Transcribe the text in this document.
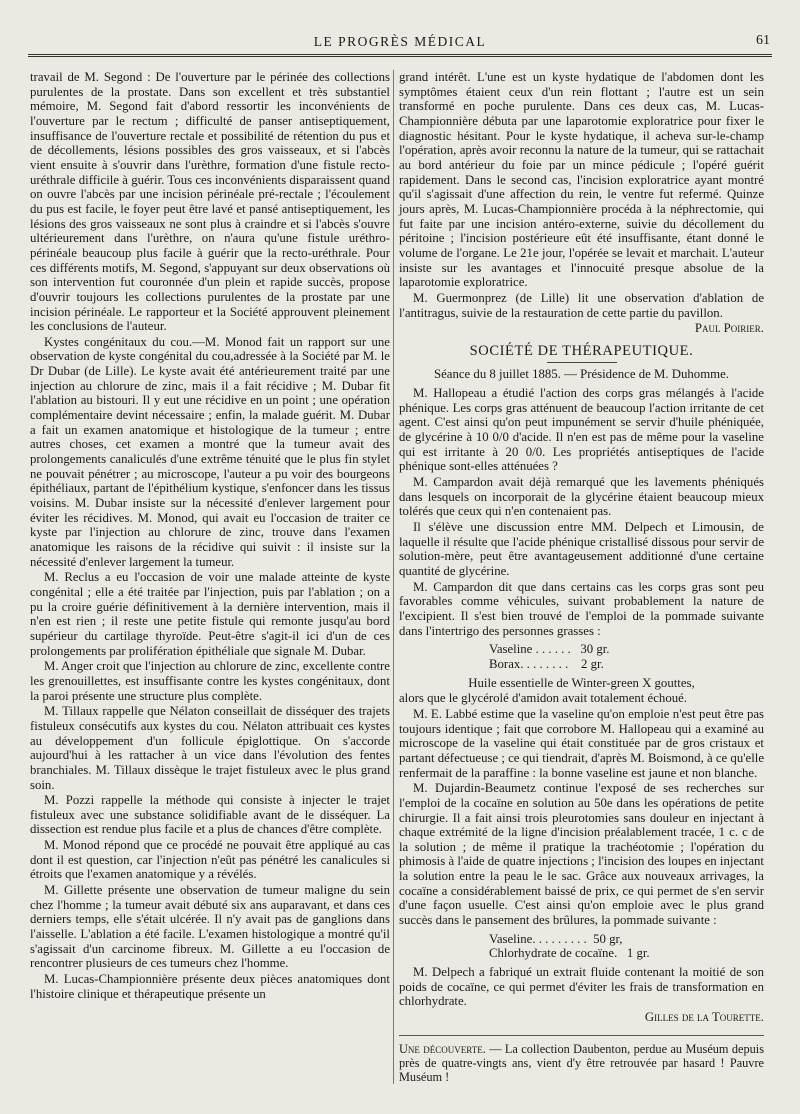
LE PROGRÈS MÉDICAL	61

travail de M. Segond : De l'ouverture par le périnée des collections purulentes de la prostate. Dans son excellent et très substantiel mémoire, M. Segond fait d'abord ressortir les inconvénients de l'ouverture par le rectum ; difficulté de panser antiseptiquement, insuffisance de l'ouverture rectale et possibilité de rétention du pus et de décollements, lésions possibles des gros vaisseaux, et si l'abcès vient ensuite à s'ouvrir dans l'urèthre, formation d'une fistule recto-uréthrale difficile à guérir. Tous ces inconvénients disparaissent quand on ouvre l'abcès par une incision périnéale pré-rectale ; l'écoulement du pus est facile, le foyer peut être lavé et pansé antiseptiquement, les lésions des gros vaisseaux ne sont plus à craindre et si l'abcès s'ouvre ultérieurement dans l'urèthre, on n'aura qu'une fistule uréthro-périnéale beaucoup plus facile à guérir que la recto-uréthrale. Pour ces différents motifs, M. Segond, s'appuyant sur deux observations où son intervention fut couronnée d'un plein et rapide succès, propose d'ouvrir toujours les collections purulentes de la prostate par une incision périnéale. Le rapporteur et la Société approuvent pleinement les conclusions de l'auteur.

Kystes congénitaux du cou.—M. Monod fait un rapport sur une observation de kyste congénital du cou,adressée à la Société par M. le Dr Dubar (de Lille). Le kyste avait été antérieurement traité par une injection au chlorure de zinc, mais il a fait récidive ; M. Dubar fit l'ablation au bistouri. Il y eut une récidive en un point ; une opération complémentaire devint nécessaire ; enfin, la malade guérit. M. Dubar a fait un examen anatomique et histologique de la tumeur ; entre autres choses, cet examen a montré que la tumeur avait des prolongements canaliculés d'une extrême ténuité que le plus fin stylet ne pouvait pénétrer ; au microscope, l'auteur a pu voir des bourgeons épithéliaux, partant de l'épithélium kystique, s'enfoncer dans les tissus voisins. M. Dubar insiste sur la nécessité d'enlever largement pour éviter les récidives. M. Monod, qui avait eu l'occasion de traiter ce kyste par l'injection au chlorure de zinc, trouve dans l'examen anatomique les raisons de la récidive qui suivit : il insiste sur la nécessité d'enlever largement la tumeur.

M. Reclus a eu l'occasion de voir une malade atteinte de kyste congénital ; elle a été traitée par l'injection, puis par l'ablation ; on a pu la croire guérie définitivement à la dernière intervention, mais il n'en est rien ; il reste une petite fistule qui remonte jusqu'au bord supérieur du cartilage thyroïde. Peut-être s'agit-il ici d'un de ces prolongements par prolifération épithéliale que signale M. Dubar.

M. Anger croit que l'injection au chlorure de zinc, excellente contre les grenouillettes, est insuffisante contre les kystes congénitaux, dont la paroi présente une structure plus complète.

M. Tillaux rappelle que Nélaton conseillait de disséquer des trajets fistuleux consécutifs aux kystes du cou. Nélaton attribuait ces kystes au développement d'un follicule épiglottique. On s'accorde aujourd'hui à les rattacher à un vice dans l'évolution des fentes branchiales. M. Tillaux dissèque le trajet fistuleux avec le plus grand soin.

M. Pozzi rappelle la méthode qui consiste à injecter le trajet fistuleux avec une substance solidifiable avant de le disséquer. La dissection est rendue plus facile et a plus de chances d'être complète.

M. Monod répond que ce procédé ne pouvait être appliqué au cas dont il est question, car l'injection n'eût pas pénétré les canalicules si étroits que l'examen anatomique y a révélés.

M. Gillette présente une observation de tumeur maligne du sein chez l'homme ; la tumeur avait débuté six ans auparavant, et dans ces derniers temps, elle s'était ulcérée. Il n'y avait pas de ganglions dans l'aisselle. L'ablation a été facile. L'examen histologique a montré qu'il s'agissait d'un carcinome fibreux. M. Gillette a eu l'occasion de rencontrer plusieurs de ces tumeurs chez l'homme.

M. Lucas-Championnière présente deux pièces anatomiques dont l'histoire clinique et thérapeutique présente un

grand intérêt. L'une est un kyste hydatique de l'abdomen dont les symptômes étaient ceux d'un rein flottant ; l'autre est un sein transformé en poche purulente. Dans ces deux cas, M. Lucas-Championnière débuta par une laparotomie exploratrice pour fixer le diagnostic hésitant. Pour le kyste hydatique, il acheva sur-le-champ l'opération, après avoir reconnu la nature de la tumeur, qui se rattachait au bord antérieur du foie par un mince pédicule ; l'opéré guérit rapidement. Dans le second cas, l'incision exploratrice ayant montré qu'il s'agissait d'une affection du rein, le ventre fut refermé. Quinze jours après, M. Lucas-Championnière procéda à la néphrectomie, qui fut faite par une incision antéro-externe, suivie du décollement du péritoine ; l'incision postérieure eût été insuffisante, étant donné le volume de l'organe. Le 21e jour, l'opérée se levait et marchait. L'auteur insiste sur les avantages et l'innocuité presque absolue de la laparotomie exploratrice.

M. Guermonprez (de Lille) lit une observation d'ablation de l'antitragus, suivie de la restauration de cette partie du pavillon.

Paul Poirier.

SOCIÉTÉ DE THÉRAPEUTIQUE.

Séance du 8 juillet 1885. — Présidence de M. Duhomme.

M. Hallopeau a étudié l'action des corps gras mélangés à l'acide phénique. Les corps gras atténuent de beaucoup l'action irritante de cet agent. C'est ainsi qu'on peut impunément se servir d'huile phéniquée, de glycérine à 10 0/0 d'acide. Il n'en est pas de même pour la vaseline qui est irritante à 20 0/0. Les propriétés antiseptiques de l'acide phénique sont-elles atténuées ?

M. Campardon avait déjà remarqué que les lavements phéniqués dans lesquels on incorporait de la glycérine étaient beaucoup mieux tolérés que ceux qui n'en contenaient pas.

Il s'élève une discussion entre MM. Delpech et Limousin, de laquelle il résulte que l'acide phénique cristallisé dissous pour servir de solution-mère, peut être avantageusement additionné d'une certaine quantité de glycérine.

M. Campardon dit que dans certains cas les corps gras sont peu favorables comme véhicules, suivant probablement la nature de l'excipient. Il s'est bien trouvé de l'emploi de la pommade suivante dans l'intertrigo des personnes grasses :

Vaseline . . . . . .   30 gr.
Borax. . . . . . . .    2 gr.

Huile essentielle de Winter-green X gouttes,

alors que le glycérolé d'amidon avait totalement échoué.

M. E. Labbé estime que la vaseline qu'on emploie n'est peut être pas toujours identique ; fait que corrobore M. Hallopeau qui a examiné au microscope de la vaseline qui était constituée par de gros cristaux et partant défectueuse ; ce qui tiendrait, d'après M. Boismond, à ce qu'elle renfermait de la paraffine : la bonne vaseline est jaune et non blanche.

M. Dujardin-Beaumetz continue l'exposé de ses recherches sur l'emploi de la cocaïne en solution au 50e dans les opérations de petite chirurgie. Il a fait ainsi trois pleurotomies sans douleur en injectant à chaque extrémité de la ligne d'incision préalablement tracée, 1 c. c de la solution ; de même il pratique la trachéotomie ; l'opération du phimosis à l'aide de quatre injections ; l'incision des loupes en injectant la solution entre la peau le le sac. Grâce aux nouveaux arrivages, la cocaïne a considérablement baissé de prix, ce qui permet de s'en servir d'une façon usuelle. C'est ainsi qu'on emploie avec le plus grand succès dans le pansement des brûlures, la pommade suivante :

Vaseline. . . . . . . . .  50 gr,
Chlorhydrate de cocaïne.   1 gr.

M. Delpech a fabriqué un extrait fluide contenant la moitié de son poids de cocaïne, ce qui permet d'éviter les frais de transformation en chlorhydrate.

Gilles de la Tourette.

Une découverte. — La collection Daubenton, perdue au Muséum depuis près de quatre-vingts ans, vient d'y être retrouvée par hasard ! Pauvre Muséum !
